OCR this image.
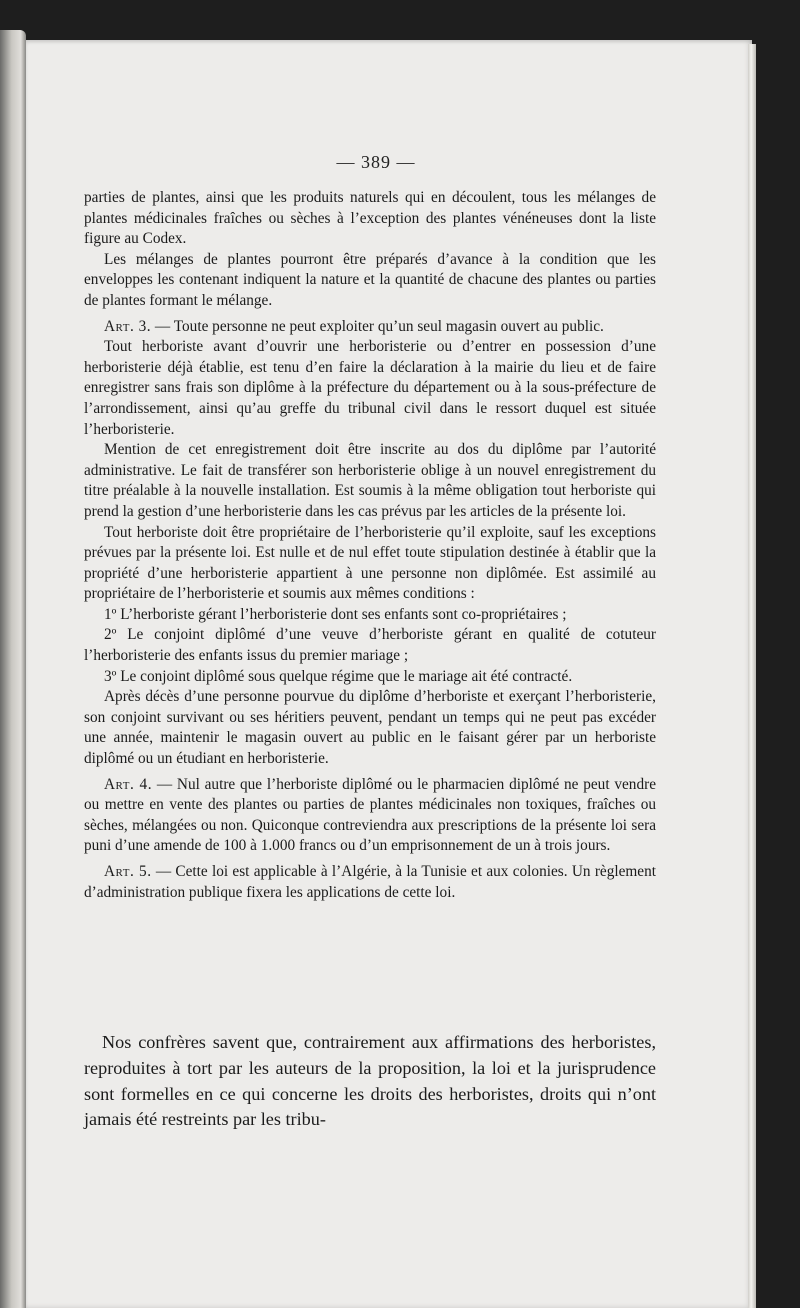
— 389 —

parties de plantes, ainsi que les produits naturels qui en découlent, tous les mélanges de plantes médicinales fraîches ou sèches à l’exception des plantes vénéneuses dont la liste figure au Codex.

Les mélanges de plantes pourront être préparés d’avance à la condition que les enveloppes les contenant indiquent la nature et la quantité de chacune des plantes ou parties de plantes formant le mélange.

Art. 3. — Toute personne ne peut exploiter qu’un seul magasin ouvert au public.

Tout herboriste avant d’ouvrir une herboristerie ou d’entrer en possession d’une herboristerie déjà établie, est tenu d’en faire la déclaration à la mairie du lieu et de faire enregistrer sans frais son diplôme à la préfecture du département ou à la sous-préfecture de l’arrondissement, ainsi qu’au greffe du tribunal civil dans le ressort duquel est située l’herboristerie.

Mention de cet enregistrement doit être inscrite au dos du diplôme par l’autorité administrative. Le fait de transférer son herboristerie oblige à un nouvel enregistrement du titre préalable à la nouvelle installation. Est soumis à la même obligation tout herboriste qui prend la gestion d’une herboristerie dans les cas prévus par les articles de la présente loi.

Tout herboriste doit être propriétaire de l’herboristerie qu’il exploite, sauf les exceptions prévues par la présente loi. Est nulle et de nul effet toute stipulation destinée à établir que la propriété d’une herboristerie appartient à une personne non diplômée. Est assimilé au propriétaire de l’herboristerie et soumis aux mêmes conditions :

1º L’herboriste gérant l’herboristerie dont ses enfants sont co-propriétaires ;

2º Le conjoint diplômé d’une veuve d’herboriste gérant en qualité de cotuteur l’herboristerie des enfants issus du premier mariage ;

3º Le conjoint diplômé sous quelque régime que le mariage ait été contracté.

Après décès d’une personne pourvue du diplôme d’herboriste et exerçant l’herboristerie, son conjoint survivant ou ses héritiers peuvent, pendant un temps qui ne peut pas excéder une année, maintenir le magasin ouvert au public en le faisant gérer par un herboriste diplômé ou un étudiant en herboristerie.

Art. 4. — Nul autre que l’herboriste diplômé ou le pharmacien diplômé ne peut vendre ou mettre en vente des plantes ou parties de plantes médicinales non toxiques, fraîches ou sèches, mélangées ou non. Quiconque contreviendra aux prescriptions de la présente loi sera puni d’une amende de 100 à 1.000 francs ou d’un emprisonnement de un à trois jours.

Art. 5. — Cette loi est applicable à l’Algérie, à la Tunisie et aux colonies. Un règlement d’administration publique fixera les applications de cette loi.

Nos confrères savent que, contrairement aux affirmations des herboristes, reproduites à tort par les auteurs de la proposition, la loi et la jurisprudence sont formelles en ce qui concerne les droits des herboristes, droits qui n’ont jamais été restreints par les tribu-
